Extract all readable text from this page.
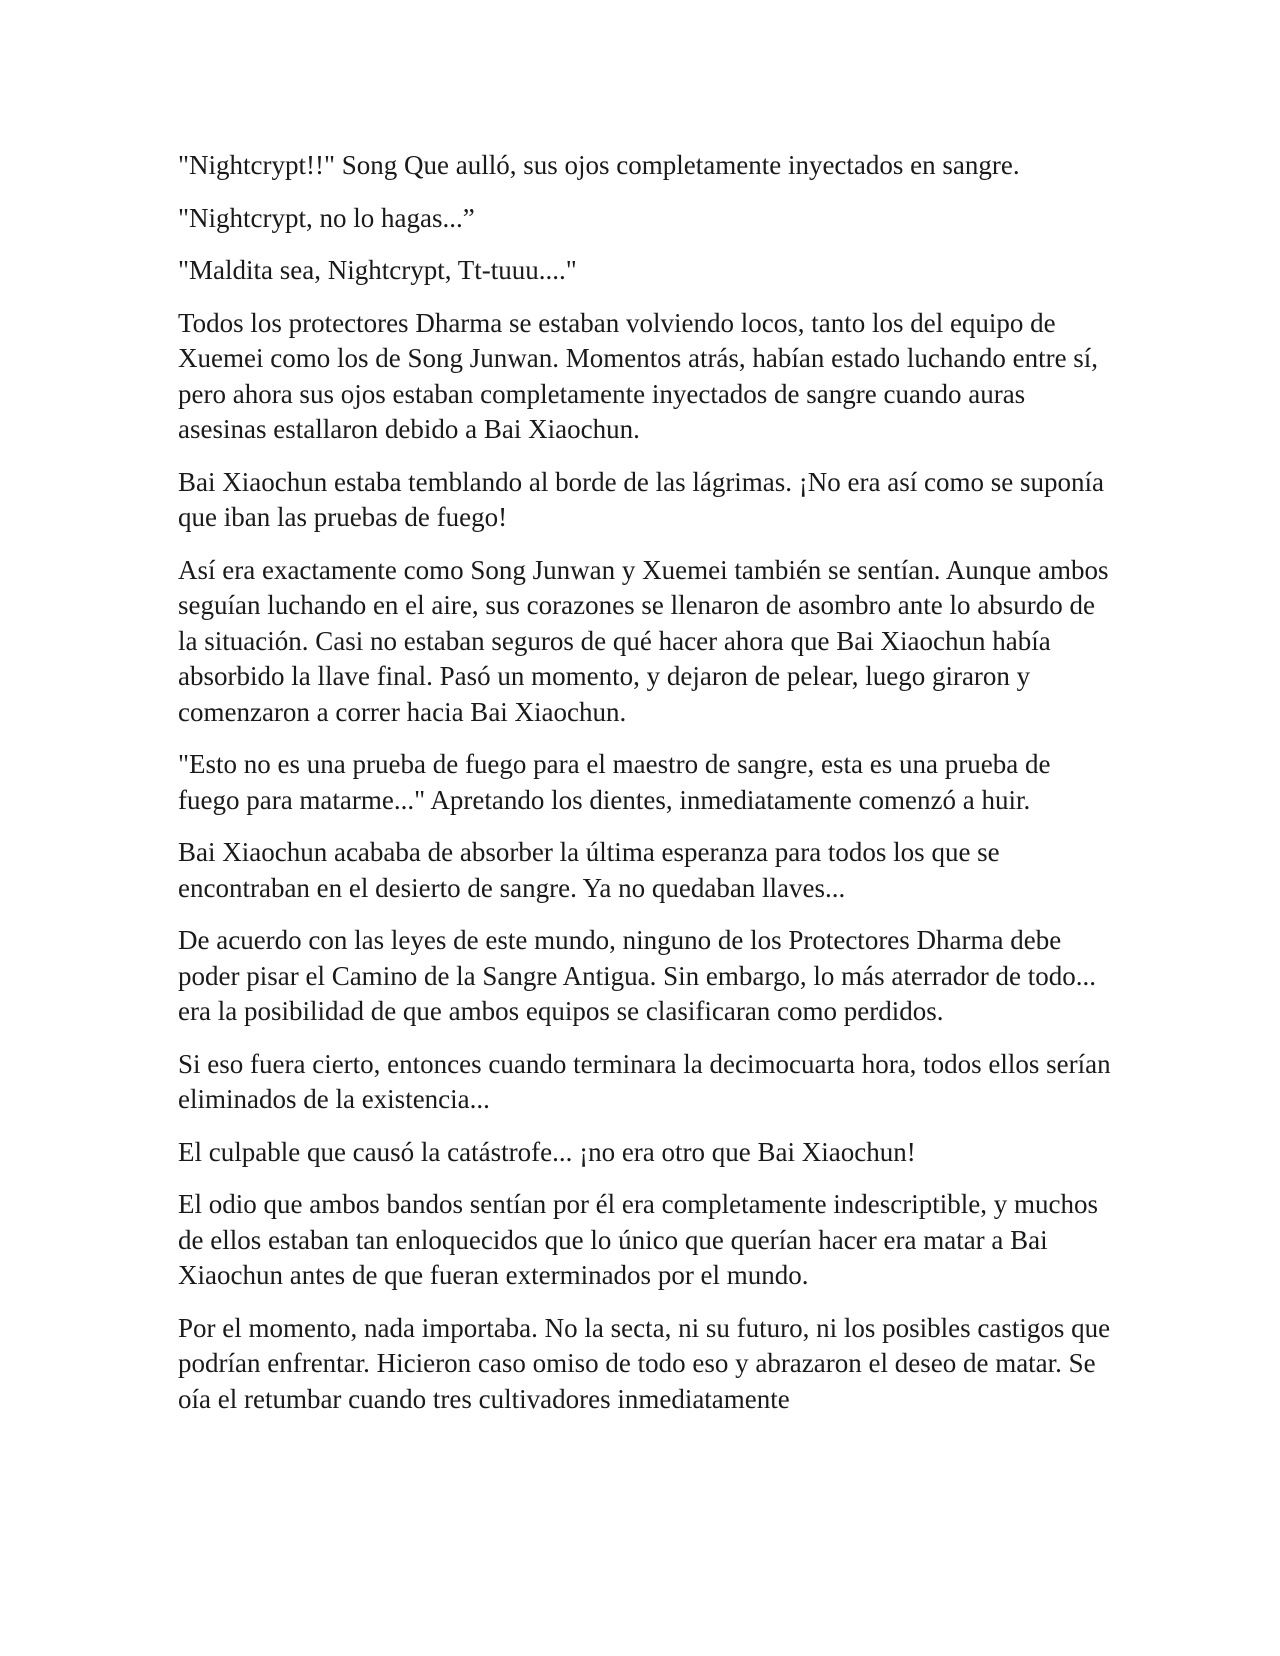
"Nightcrypt!!" Song Que aulló, sus ojos completamente inyectados en sangre.

"Nightcrypt, no lo hagas...”

"Maldita sea, Nightcrypt, Tt-tuuu...."

Todos los protectores Dharma se estaban volviendo locos, tanto los del equipo de Xuemei como los de Song Junwan. Momentos atrás, habían estado luchando entre sí, pero ahora sus ojos estaban completamente inyectados de sangre cuando auras asesinas estallaron debido a Bai Xiaochun.

Bai Xiaochun estaba temblando al borde de las lágrimas. ¡No era así como se suponía que iban las pruebas de fuego!

Así era exactamente como Song Junwan y Xuemei también se sentían. Aunque ambos seguían luchando en el aire, sus corazones se llenaron de asombro ante lo absurdo de la situación. Casi no estaban seguros de qué hacer ahora que Bai Xiaochun había absorbido la llave final. Pasó un momento, y dejaron de pelear, luego giraron y comenzaron a correr hacia Bai Xiaochun.

"Esto no es una prueba de fuego para el maestro de sangre, esta es una prueba de fuego para matarme..." Apretando los dientes, inmediatamente comenzó a huir.

Bai Xiaochun acababa de absorber la última esperanza para todos los que se encontraban en el desierto de sangre. Ya no quedaban llaves...

De acuerdo con las leyes de este mundo, ninguno de los Protectores Dharma debe poder pisar el Camino de la Sangre Antigua. Sin embargo, lo más aterrador de todo... era la posibilidad de que ambos equipos se clasificaran como perdidos.

Si eso fuera cierto, entonces cuando terminara la decimocuarta hora, todos ellos serían eliminados de la existencia...

El culpable que causó la catástrofe... ¡no era otro que Bai Xiaochun!

El odio que ambos bandos sentían por él era completamente indescriptible, y muchos de ellos estaban tan enloquecidos que lo único que querían hacer era matar a Bai Xiaochun antes de que fueran exterminados por el mundo.

Por el momento, nada importaba. No la secta, ni su futuro, ni los posibles castigos que podrían enfrentar. Hicieron caso omiso de todo eso y abrazaron el deseo de matar. Se oía el retumbar cuando tres cultivadores inmediatamente
